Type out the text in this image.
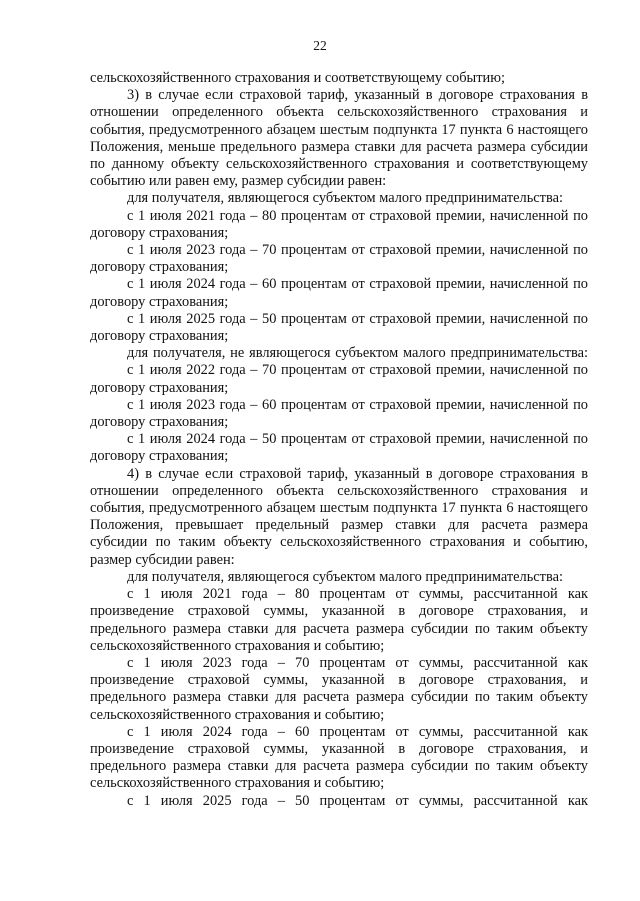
22

сельскохозяйственного страхования и соответствующему событию;

3) в случае если страховой тариф, указанный в договоре страхования в отношении определенного объекта сельскохозяйственного страхования и события, предусмотренного абзацем шестым подпункта 17 пункта 6 настоящего Положения, меньше предельного размера ставки для расчета размера субсидии по данному объекту сельскохозяйственного страхования и соответствующему событию или равен ему, размер субсидии равен:

для получателя, являющегося субъектом малого предпринимательства:

с 1 июля 2021 года – 80 процентам от страховой премии, начисленной по договору страхования;

с 1 июля 2023 года – 70 процентам от страховой премии, начисленной по договору страхования;

с 1 июля 2024 года – 60 процентам от страховой премии, начисленной по договору страхования;

с 1 июля 2025 года – 50 процентам от страховой премии, начисленной по договору страхования;

для получателя, не являющегося субъектом малого предпринимательства:

с 1 июля 2022 года – 70 процентам от страховой премии, начисленной по договору страхования;

с 1 июля 2023 года – 60 процентам от страховой премии, начисленной по договору страхования;

с 1 июля 2024 года – 50 процентам от страховой премии, начисленной по договору страхования;

4) в случае если страховой тариф, указанный в договоре страхования в отношении определенного объекта сельскохозяйственного страхования и события, предусмотренного абзацем шестым подпункта 17 пункта 6 настоящего Положения, превышает предельный размер ставки для расчета размера субсидии по таким объекту сельскохозяйственного страхования и событию, размер субсидии равен:

для получателя, являющегося субъектом малого предпринимательства:

с 1 июля 2021 года – 80 процентам от суммы, рассчитанной как произведение страховой суммы, указанной в договоре страхования, и предельного размера ставки для расчета размера субсидии по таким объекту сельскохозяйственного страхования и событию;

с 1 июля 2023 года – 70 процентам от суммы, рассчитанной как произведение страховой суммы, указанной в договоре страхования, и предельного размера ставки для расчета размера субсидии по таким объекту сельскохозяйственного страхования и событию;

с 1 июля 2024 года – 60 процентам от суммы, рассчитанной как произведение страховой суммы, указанной в договоре страхования, и предельного размера ставки для расчета размера субсидии по таким объекту сельскохозяйственного страхования и событию;

с 1 июля 2025 года – 50 процентам от суммы, рассчитанной как
